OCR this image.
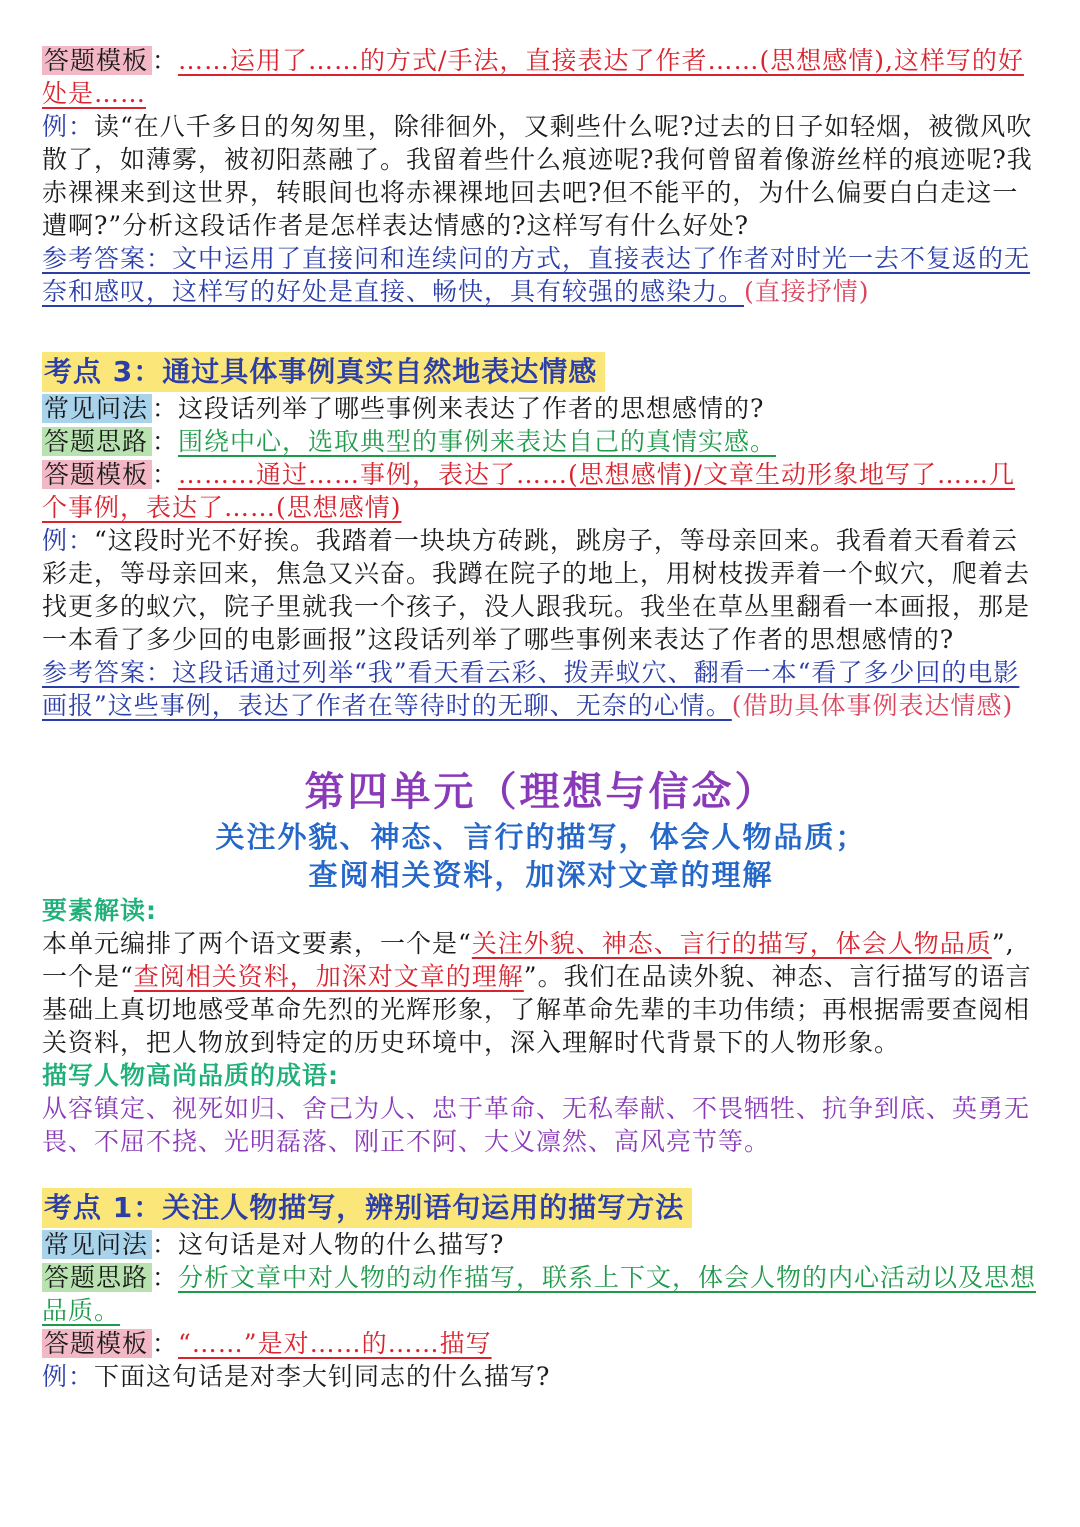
答题模板 ：……运用了……的方式/手法，直接表达了作者……(思想感情),这样写的好处是……
例：读“在八千多日的匆匆里，除徘徊外，又剩些什么呢?过去的日子如轻烟，被微风吹散了，如薄雾，被初阳蒸融了。我留着些什么痕迹呢?我何曾留着像游丝样的痕迹呢?我赤裸裸来到这世界，转眼间也将赤裸裸地回去吧?但不能平的，为什么偏要白白走这一遭啊?”分析这段话作者是怎样表达情感的?这样写有什么好处?
参考答案：文中运用了直接问和连续问的方式，直接表达了作者对时光一去不复返的无奈和感叹，这样写的好处是直接、畅快，具有较强的感染力。(直接抒情)
考点 3：通过具体事例真实自然地表达情感
常见问法 ：这段话列举了哪些事例来表达了作者的思想感情的?
答题思路 ：围绕中心，选取典型的事例来表达自己的真情实感。
答题模板 ：………通过……事例，表达了……(思想感情)/文章生动形象地写了……几个事例，表达了……(思想感情)
例：“这段时光不好挨。我踏着一块块方砖跳，跳房子，等母亲回来。我看着天看着云彩走，等母亲回来，焦急又兴奋。我蹲在院子的地上，用树枝拨弄着一个蚁穴，爬着去找更多的蚁穴，院子里就我一个孩子，没人跟我玩。我坐在草丛里翻看一本画报，那是一本看了多少回的电影画报”这段话列举了哪些事例来表达了作者的思想感情的?
参考答案：这段话通过列举“我”看天看云彩、拨弄蚁穴、翻看一本“看了多少回的电影画报”这些事例，表达了作者在等待时的无聊、无奈的心情。(借助具体事例表达情感)
第四单元（理想与信念）
关注外貌、神态、言行的描写，体会人物品质；
查阅相关资料，加深对文章的理解
要素解读:
本单元编排了两个语文要素，一个是“关注外貌、神态、言行的描写，体会人物品质”,一个是“查阅相关资料，加深对文章的理解”。我们在品读外貌、神态、言行描写的语言基础上真切地感受革命先烈的光辉形象，了解革命先辈的丰功伟绩；再根据需要查阅相关资料，把人物放到特定的历史环境中，深入理解时代背景下的人物形象。
描写人物高尚品质的成语:
从容镇定、视死如归、舍己为人、忠于革命、无私奉献、不畏牺牲、抗争到底、英勇无畏、不屈不挠、光明磊落、刚正不阿、大义凛然、高风亮节等。
考点 1：关注人物描写，辨别语句运用的描写方法
常见问法 ：这句话是对人物的什么描写?
答题思路 ：分析文章中对人物的动作描写，联系上下文，体会人物的内心活动以及思想品质。
答题模板 ：“……”是对……的……描写
例：下面这句话是对李大钊同志的什么描写?
